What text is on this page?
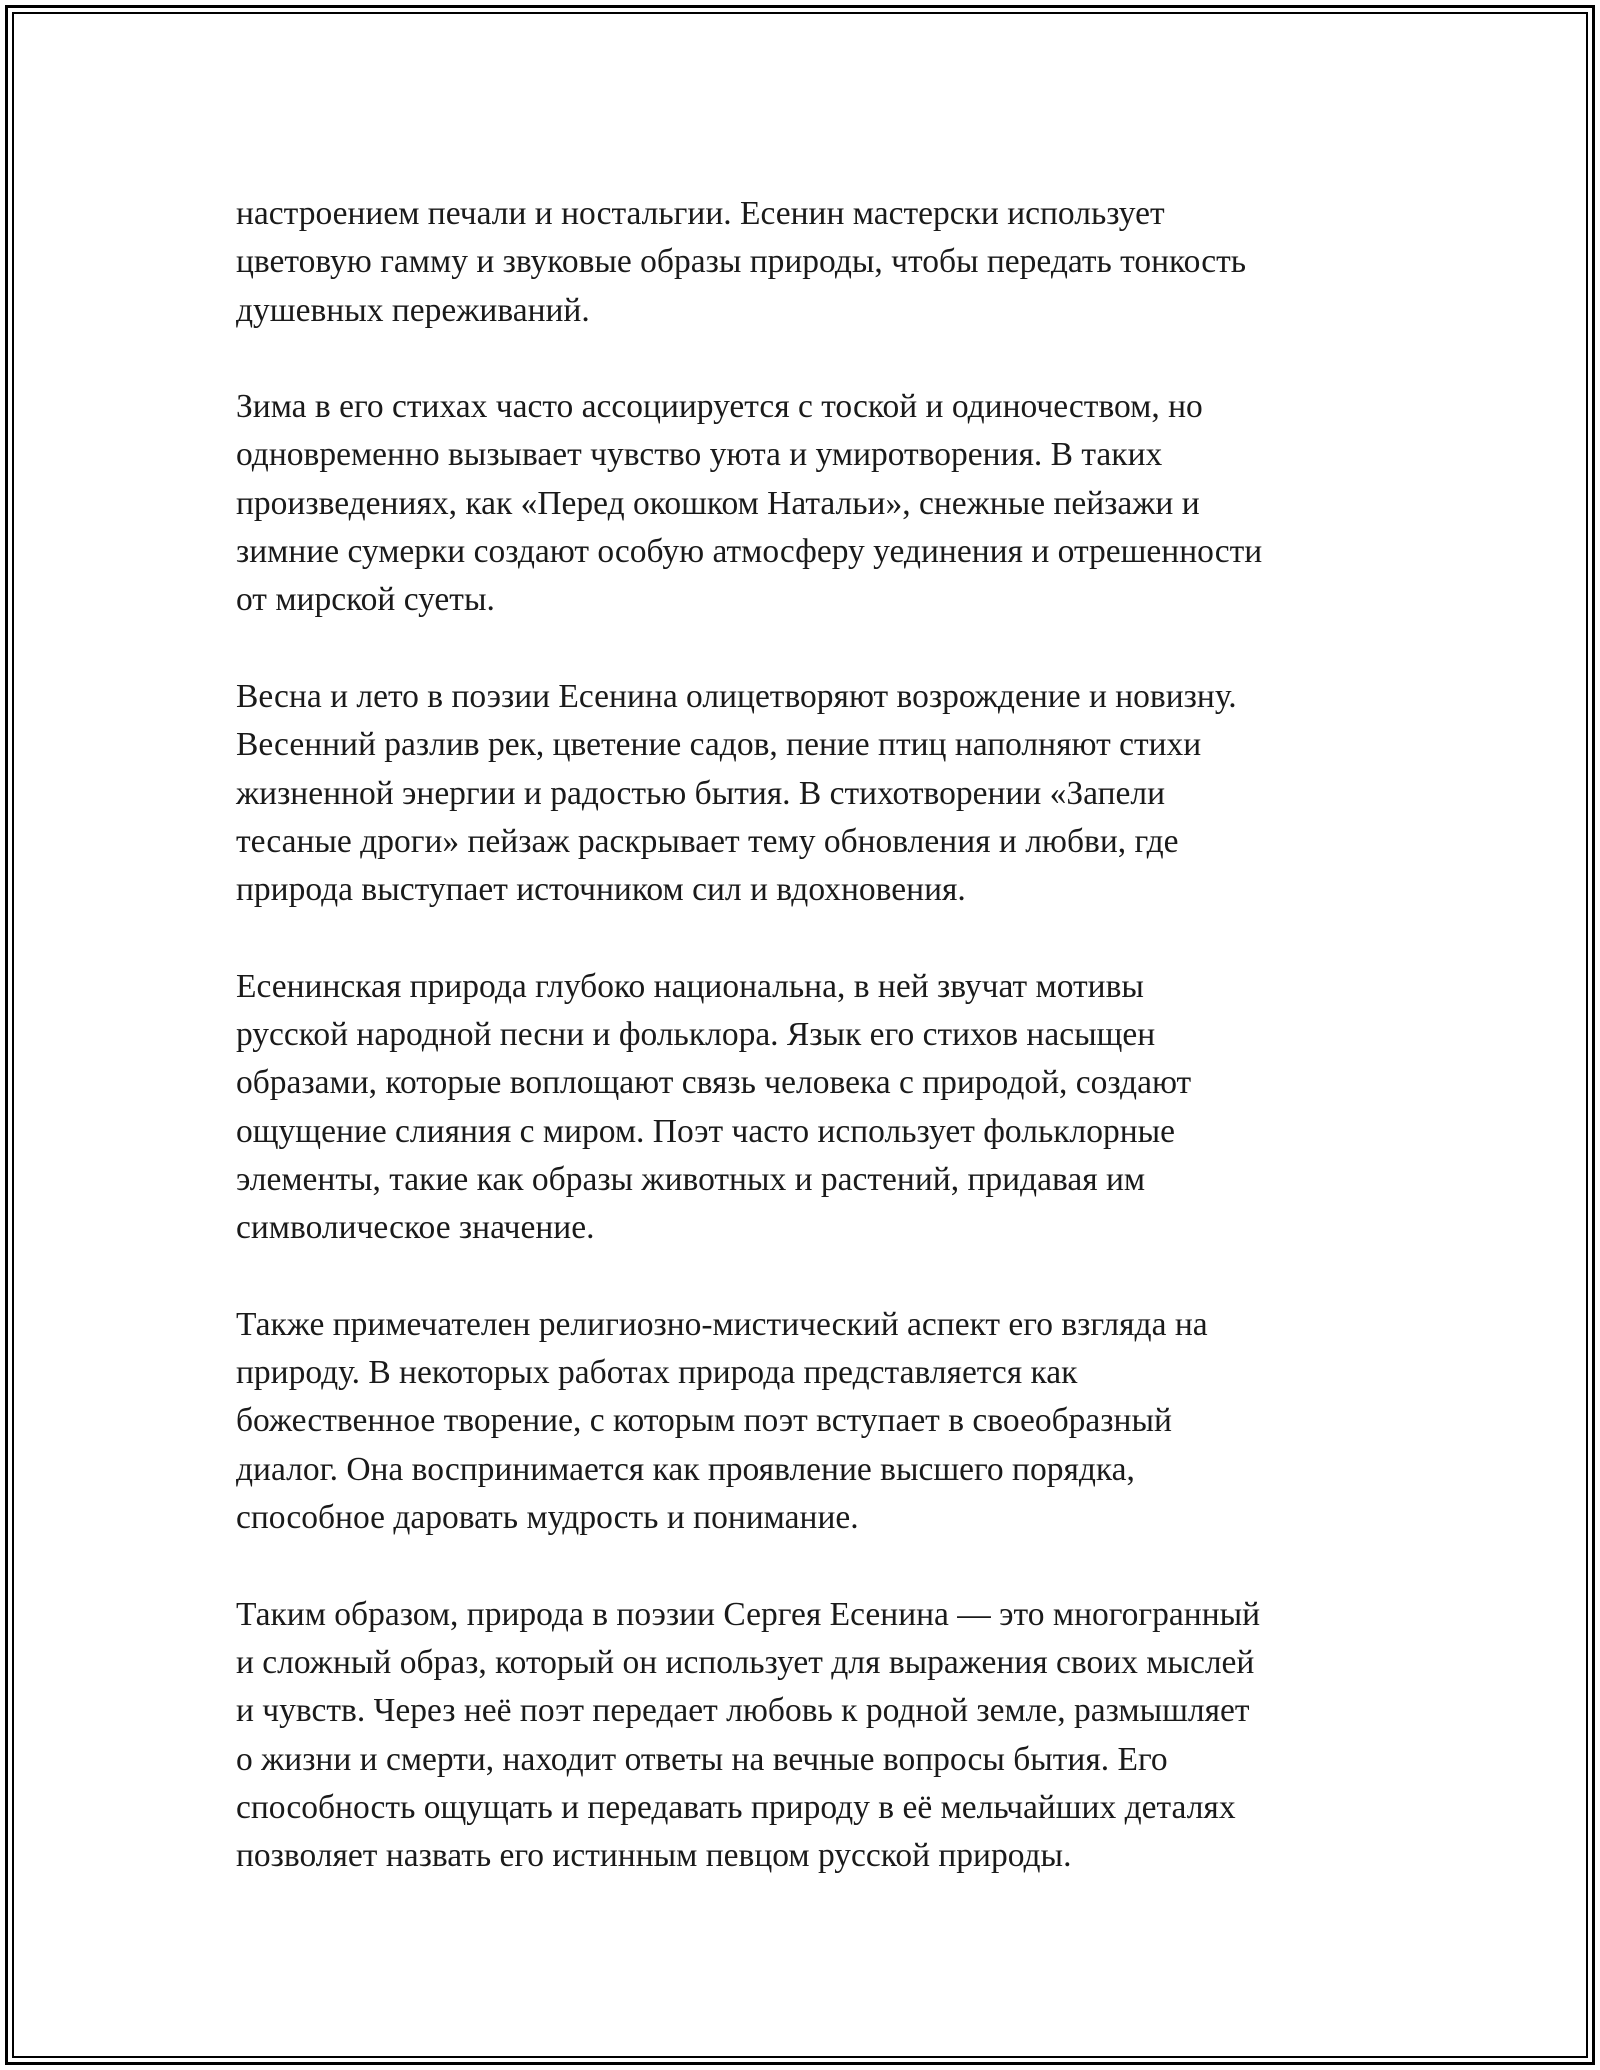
настроением печали и ностальгии. Есенин мастерски использует
цветовую гамму и звуковые образы природы, чтобы передать тонкость
душевных переживаний.

Зима в его стихах часто ассоциируется с тоской и одиночеством, но
одновременно вызывает чувство уюта и умиротворения. В таких
произведениях, как «Перед окошком Натальи», снежные пейзажи и
зимние сумерки создают особую атмосферу уединения и отрешенности
от мирской суеты.

Весна и лето в поэзии Есенина олицетворяют возрождение и новизну.
Весенний разлив рек, цветение садов, пение птиц наполняют стихи
жизненной энергии и радостью бытия. В стихотворении «Запели
тесаные дроги» пейзаж раскрывает тему обновления и любви, где
природа выступает источником сил и вдохновения.

Есенинская природа глубоко национальна, в ней звучат мотивы
русской народной песни и фольклора. Язык его стихов насыщен
образами, которые воплощают связь человека с природой, создают
ощущение слияния с миром. Поэт часто использует фольклорные
элементы, такие как образы животных и растений, придавая им
символическое значение.

Также примечателен религиозно-мистический аспект его взгляда на
природу. В некоторых работах природа представляется как
божественное творение, с которым поэт вступает в своеобразный
диалог. Она воспринимается как проявление высшего порядка,
способное даровать мудрость и понимание.

Таким образом, природа в поэзии Сергея Есенина — это многогранный
и сложный образ, который он использует для выражения своих мыслей
и чувств. Через неё поэт передает любовь к родной земле, размышляет
о жизни и смерти, находит ответы на вечные вопросы бытия. Его
способность ощущать и передавать природу в её мельчайших деталях
позволяет назвать его истинным певцом русской природы.
